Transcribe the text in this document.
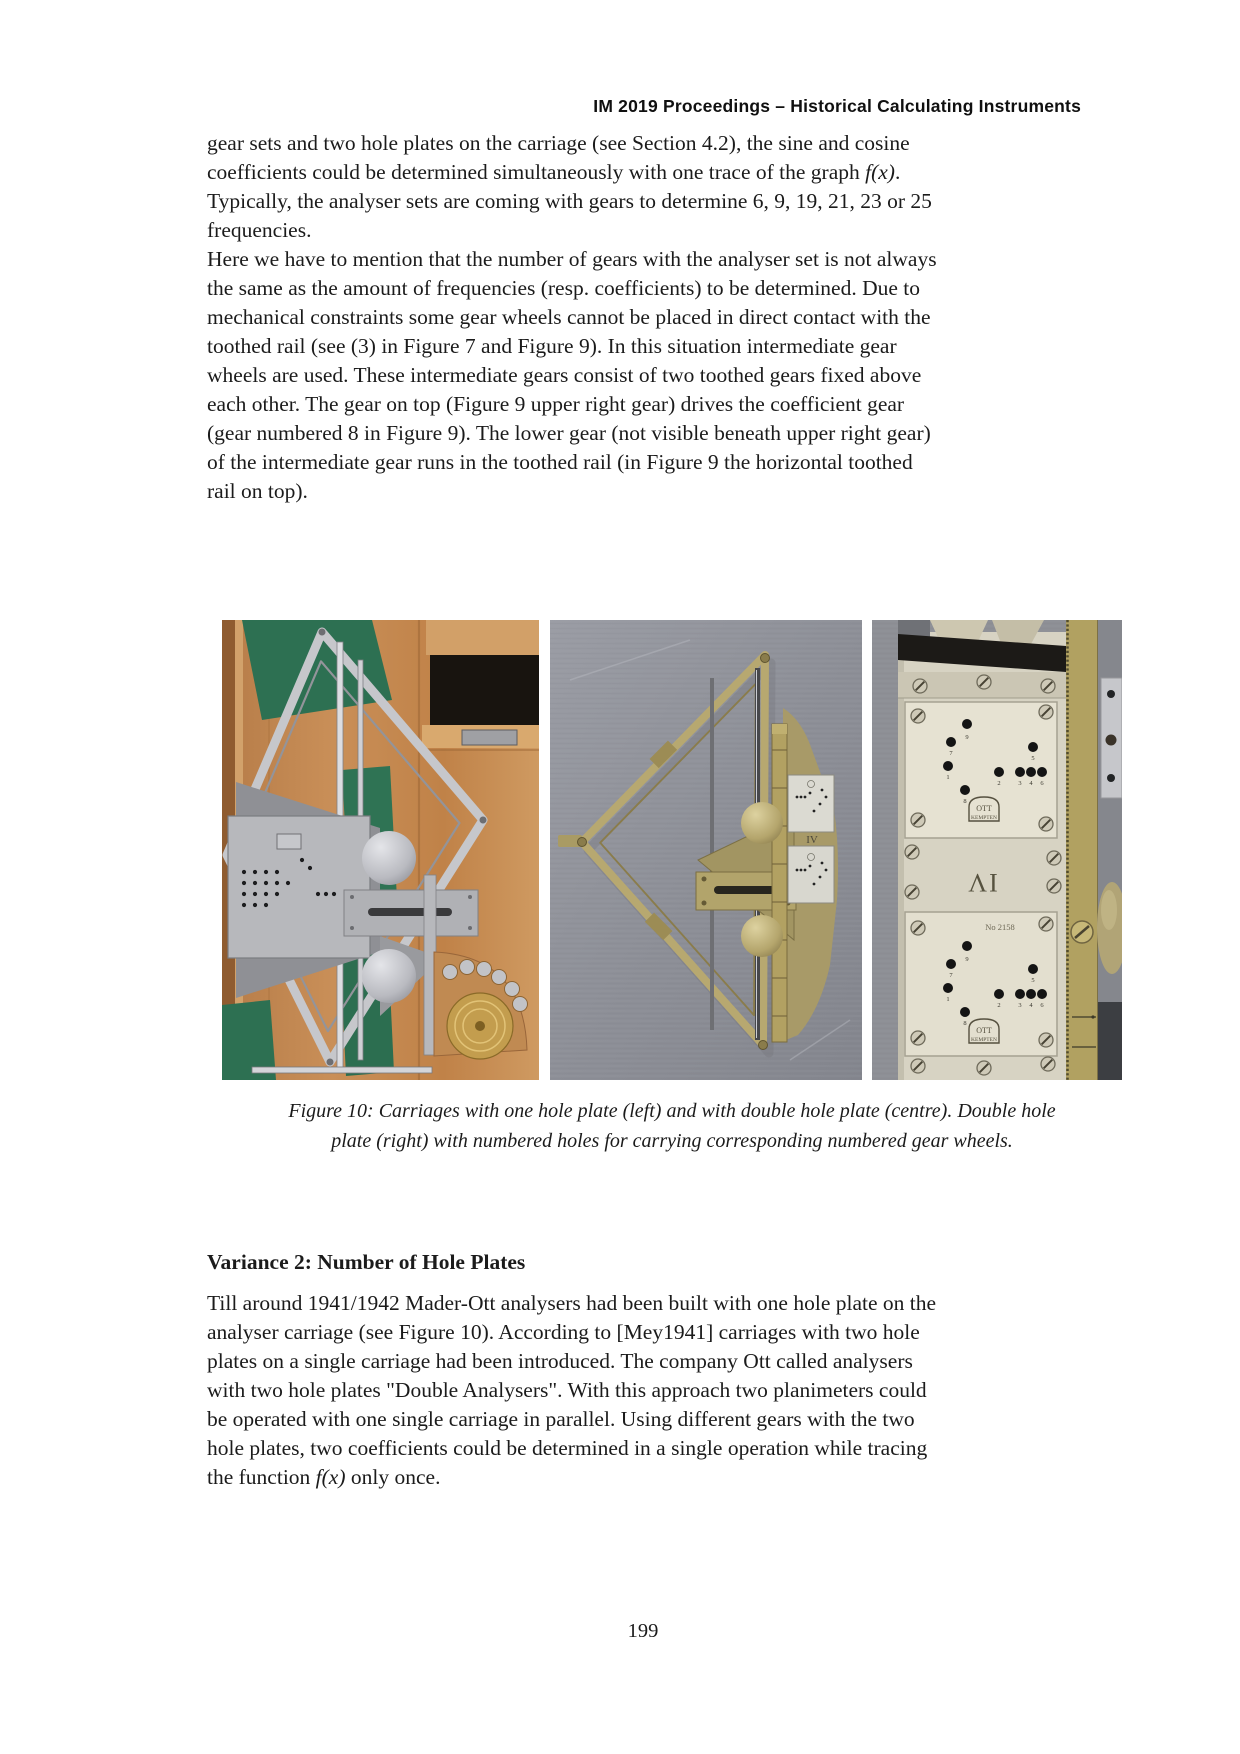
IM 2019 Proceedings – Historical Calculating Instruments
gear sets and two hole plates on the carriage (see Section 4.2), the sine and cosine
coefficients could be determined simultaneously with one trace of the graph f(x).
Typically, the analyser sets are coming with gears to determine 6, 9, 19, 21, 23 or 25
frequencies.
Here we have to mention that the number of gears with the analyser set is not always
the same as the amount of frequencies (resp. coefficients) to be determined. Due to
mechanical constraints some gear wheels cannot be placed in direct contact with the
toothed rail (see (3) in Figure 7 and Figure 9). In this situation intermediate gear
wheels are used. These intermediate gears consist of two toothed gears fixed above
each other. The gear on top (Figure 9 upper right gear) drives the coefficient gear
(gear numbered 8 in Figure 9). The lower gear (not visible beneath upper right gear)
of the intermediate gear runs in the toothed rail (in Figure 9 the horizontal toothed
rail on top).
IV
9
7
1
8
5
2	3 4 6
OTT
KEMPTEN
IV
No 2158
9
7
1
8
5
2	3 4 6
OTT
KEMPTEN
Figure 10: Carriages with one hole plate (left) and with double hole plate (centre). Double hole
plate (right) with numbered holes for carrying corresponding numbered gear wheels.
Variance 2: Number of Hole Plates
Till around 1941/1942 Mader-Ott analysers had been built with one hole plate on the
analyser carriage (see Figure 10). According to [Mey1941] carriages with two hole
plates on a single carriage had been introduced. The company Ott called analysers
with two hole plates "Double Analysers". With this approach two planimeters could
be operated with one single carriage in parallel. Using different gears with the two
hole plates, two coefficients could be determined in a single operation while tracing
the function f(x) only once.
199
